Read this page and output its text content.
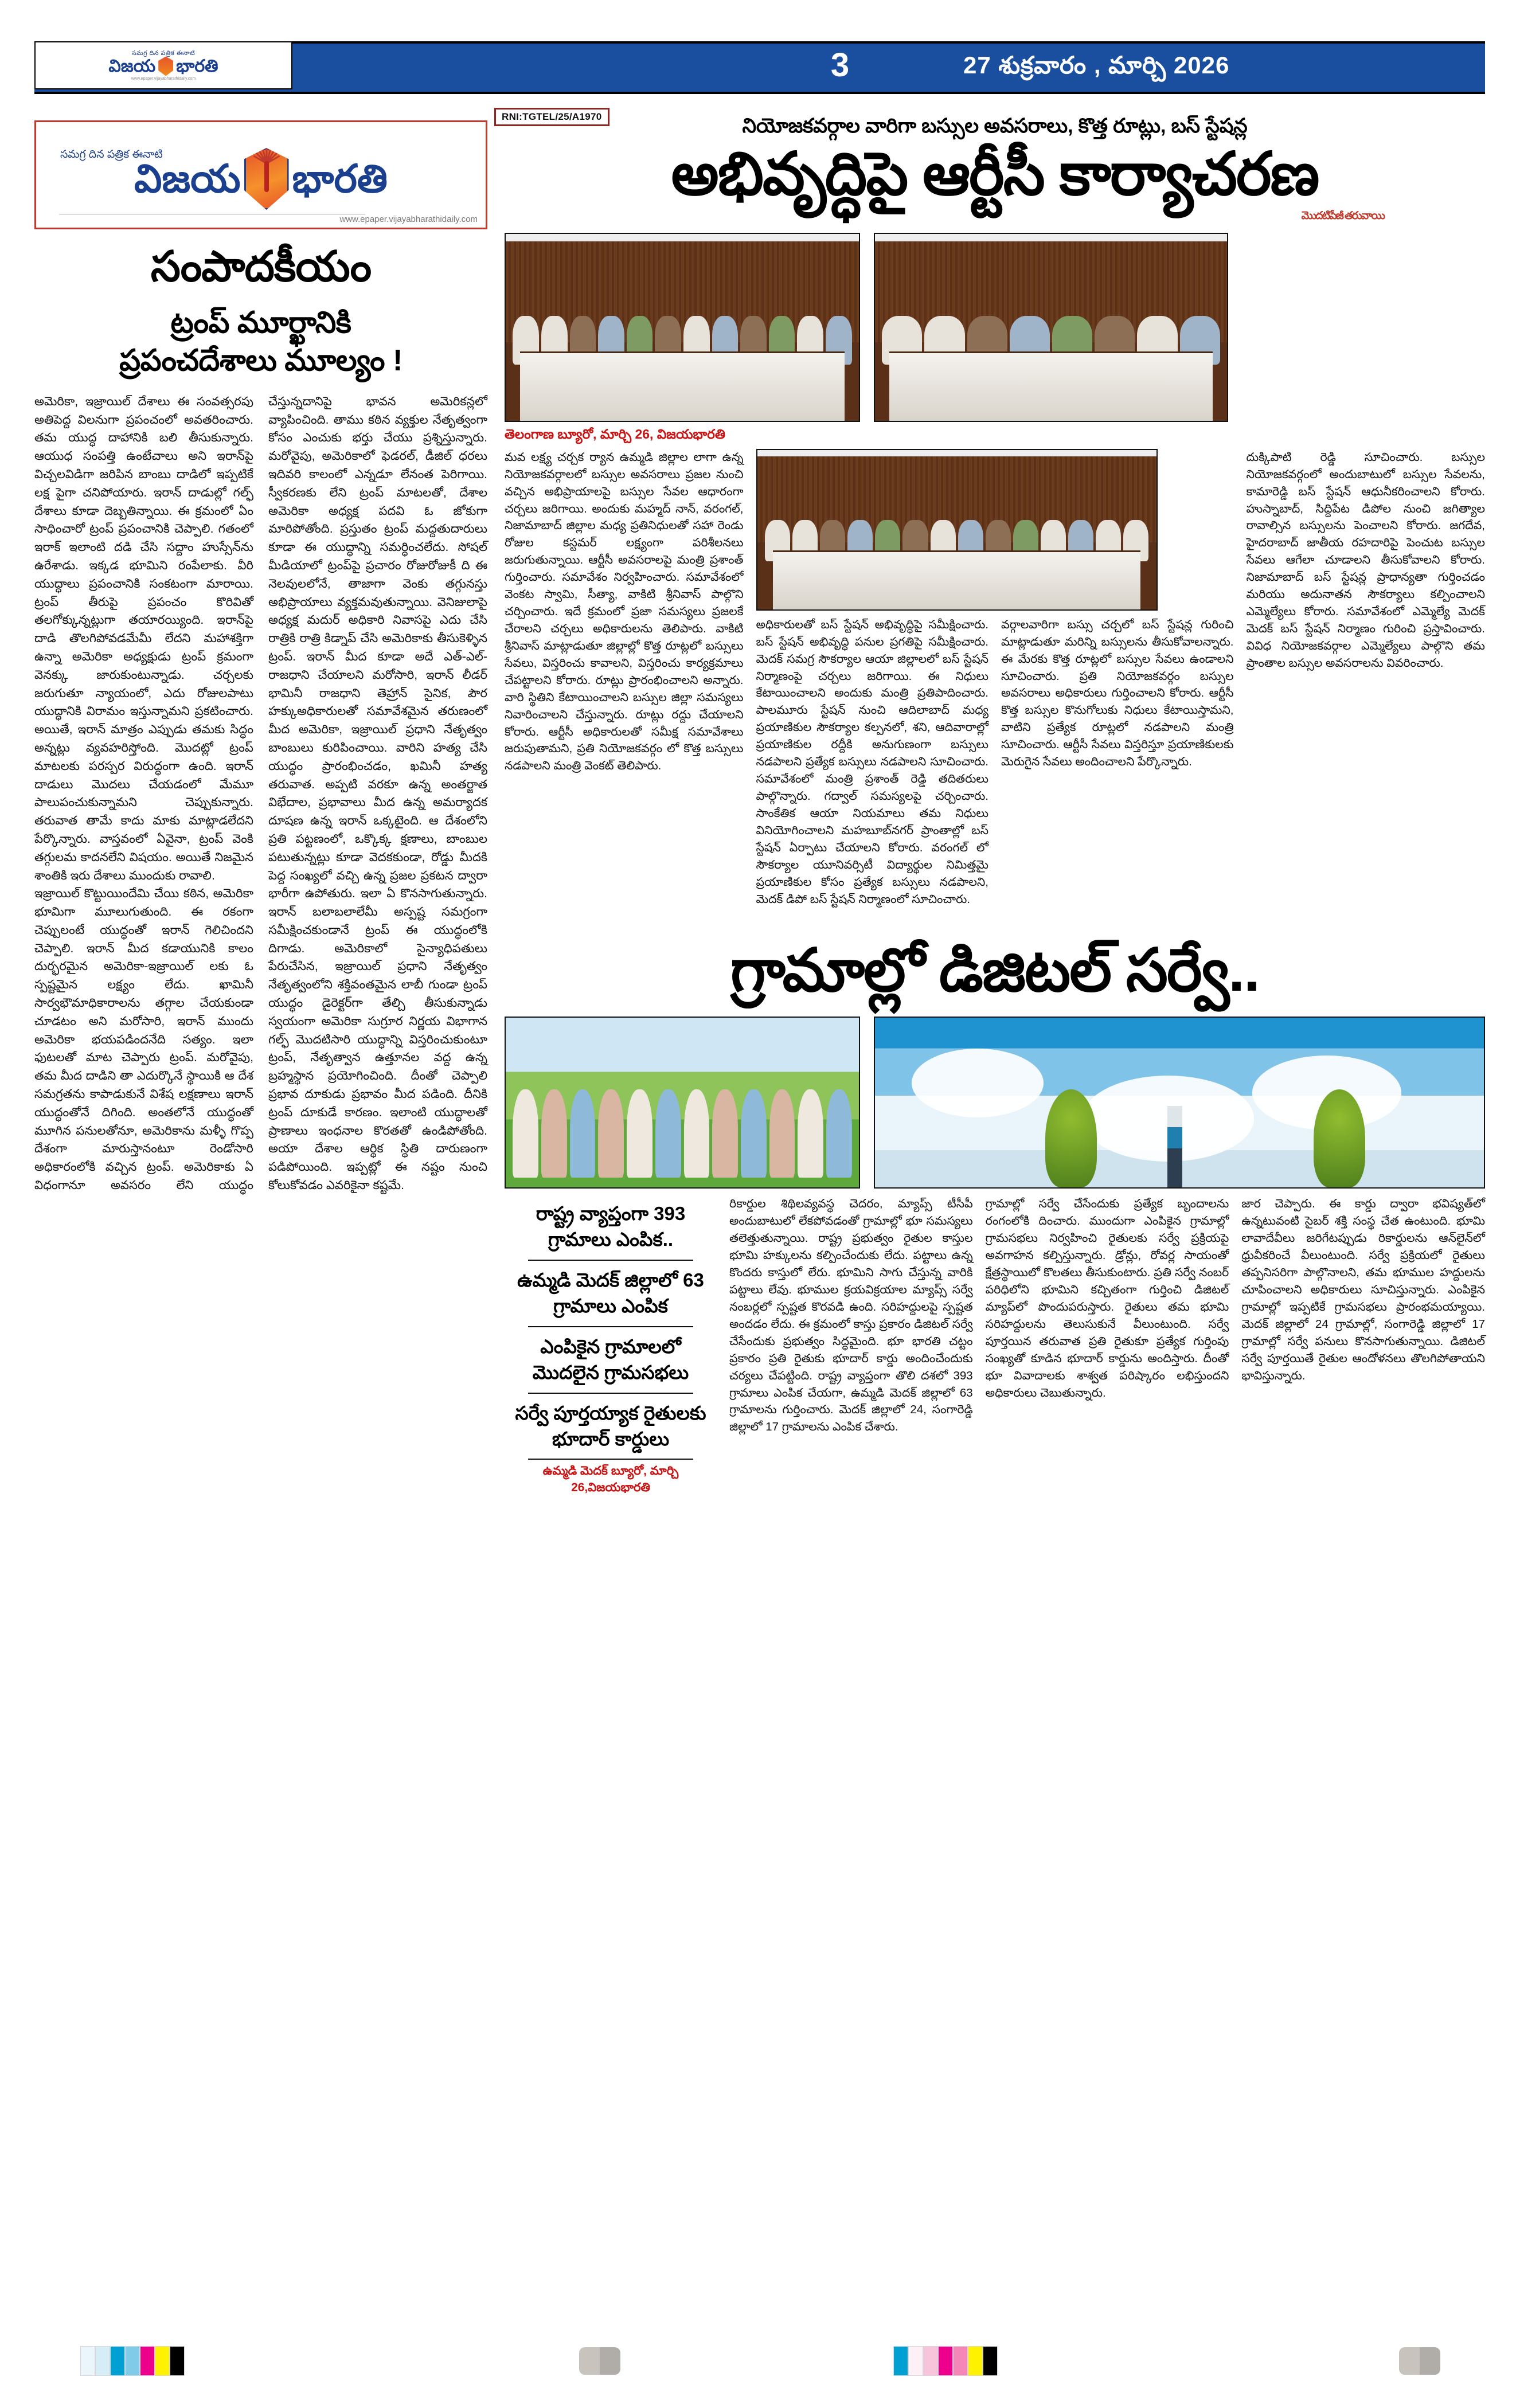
సమగ్ర దిన పత్రిక ఈనాటి
విజయ భారతి
www.epaper.vijayabharathidaily.com	3	27 శుక్రవారం , మార్చి 2026
RNI:TGTEL/25/A1970
సమగ్ర దిన పత్రిక ఈనాటి
విజయ భారతి
www.epaper.vijayabharathidaily.com
సంపాదకీయం
ట్రంప్ మూర్ఖానికి
ప్రపంచదేశాలు మూల్యం !

అమెరికా, ఇజ్రాయిల్ దేశాలు ఈ సంవత్సరపు అతిపెద్ద విలనుగా ప్రపంచంలో అవతరించారు. తమ యుద్ధ దాహానికి బలి తీసుకున్నారు. ఆయుధ సంపత్తి ఉంటేచాలు అని ఇరాన్‌పై విచ్చలవిడిగా జరిపిన బాంబు దాడిలో ఇప్పటికే లక్ష పైగా చనిపోయారు. ఇరాన్ దాడుల్లో గల్ఫ్ దేశాలు కూడా దెబ్బతిన్నాయి. ఈ క్రమంలో ఏం సాధించారో ట్రంప్ ప్రపంచానికి చెప్పాలి. గతంలో ఇరాక్ ఇలాంటి దడి చేసి సద్దాం హుస్సేన్‌ను ఉరేశాడు. ఇక్కడ భూమిని రంపేలాకు. వీరి యుద్ధాలు ప్రపంచానికి సంకటంగా మారాయి. ట్రంప్ తీరుపై ప్రపంచం కొరివితో తలగోక్కున్నట్లుగా తయారయ్యింది. ఇరాన్‌పై దాడి తొలగిపోవడమేమీ లేదని మహాశక్తిగా ఉన్నా అమెరికా అధ్యక్షుడు ట్రంప్ క్రమంగా వెనక్కు జారుకుంటున్నాడు. చర్చలకు జరుగుతూ న్యాయంలో, ఎదు రోజులపాటు యుద్ధానికి విరామం ఇస్తున్నామని ప్రకటించారు. అయితే, ఇరాన్ మాత్రం ఎప్పుడు తమకు సిద్ధం అన్నట్లు వ్యవహరిస్తోంది. మొదట్లో ట్రంప్ మాటలకు పరస్పర విరుద్ధంగా ఉంది. ఇరాన్ దాడులు మొదలు చేయడంలో మేమూ పాలుపంచుకున్నామని చెప్పుకున్నారు. తరువాత తామే కాదు మాకు మాట్లాడలేదని పేర్కొన్నారు. వాస్తవంలో ఏవైనా, ట్రంప్ వెంకి తగ్గులమ కాదనలేని విషయం. అయితే నిజమైన శాంతికి ఇరు దేశాలు ముందుకు రావాలి.

ఇజ్రాయిల్ కొట్టుయిందేమి చేయి కఠిన, అమెరికా భూమిగా మూలుగుతుంది. ఈ రకంగా చెప్పులంటే యుద్ధంతో ఇరాన్ గెలిచిందని చెప్పాలి. ఇరాన్ మీద కడాయునికి కాలం దుర్భరమైన అమెరికా-ఇజ్రాయిల్ లకు ఓ స్పష్టమైన లక్ష్యం లేదు. ఖామినీ సార్వభౌమాధికారాలను తగ్గాల చేయకుండా చూడటం అని మరోసారి, ఇరాన్ ముందు అమెరికా భయపడిందనేది సత్యం. ఇలా ఫుటలతో మాట చెప్పారు ట్రంప్. మరోవైపు, తమ మీద దాడిని తా ఎదుర్కొనే స్థాయికి ఆ దేశ సమగ్రతను కాపాడుకునే విశేష లక్షణాలు ఇరాన్ యుద్ధంతోనే దిగింది. అంతలోనే యుద్ధంతో మూగిన పనులతోనూ, అమెరికాను మళ్ళీ గొప్ప దేశంగా మారుస్తానంటూ రెండోసారి అధికారంలోకి వచ్చిన ట్రంప్. అమెరికాకు ఏ విధంగానూ అవసరం లేని యుద్ధం చేస్తున్నదానిపై భావన అమెరికన్లలో వ్యాపించింది. తాము కఠిన వ్యక్తుల నేతృత్వంగా కోసం ఎంచుకు భర్తు చేయు ప్రశ్నిస్తున్నారు. మరోవైపు, అమెరికాలో ఫెడరల్, డీజిల్ ధరలు ఇదివరి కాలంలో ఎన్నడూ లేనంత పెరిగాయి. స్వీకరణకు లేని ట్రంప్ మాటలతో, దేశాల అమెరికా అధ్యక్ష పదవి ఓ జోకుగా మారిపోతోంది. ప్రస్తుతం ట్రంప్ మద్దతుదారులు కూడా ఈ యుద్ధాన్ని సమర్ధించలేదు. సోషల్ మీడియాలో ట్రంప్‌పై ప్రచారం రోజురోజుకీ ది ఈ నెలవులలోనే, తాజాగా వెంకు తగ్గునస్తు అభిప్రాయాలు వ్యక్తమవుతున్నాయి. వెనిజులాపై అధ్యక్ష మదుర్ అధికారి నివాసపై ఎదు చేసి రాత్రికి రాత్రి కిడ్నాప్ చేసి అమెరికాకు తీసుకెళ్ళిన ట్రంప్. ఇరాన్ మీద కూడా అదే ఎత్-ఎల్-రాజధాని చేయాలని మరోసారి, ఇరాన్ లీడర్ భామినీ రాజధాని తెహ్రాన్ సైనిక, పౌర హక్కుఅధికారులతో సమావేశమైన తరుణంలో మీద అమెరికా, ఇజ్రాయిల్ ప్రధాని నేతృత్వం బాంబులు కురిపించాయి. వారిని హత్య చేసి యుద్ధం ప్రారంభించడం, ఖమినీ హత్య తరువాత. అప్పటి వరకూ ఉన్న అంతర్జాత విభేదాల, ప్రభావాలు మీద ఉన్న అమర్యాదక దూషణ ఉన్న ఇరాన్ ఒక్కటైంది. ఆ దేశంలోని ప్రతి పట్టణంలో, ఒక్కొక్క క్షణాలు, బాంబుల పటుతున్నట్లు కూడా వెదకకుండా, రోడ్డు మీదకి పెద్ద సంఖ్యలో వచ్చి ఉన్న ప్రజల ప్రకటన ద్వారా భారీగా ఉపోతురు. ఇలా ఏ కొనసాగుతున్నారు. ఇరాన్ బలాబలాలేమీ అస్పష్ట సమగ్రంగా సమీక్షించకుండానే ట్రంప్ ఈ యుద్ధంలోకి దిగాడు. అమెరికాలో సైన్యాధిపతులు పేరుచేసిన, ఇజ్రాయిల్ ప్రధాని నేతృత్వం నేతృత్వంలోని శక్తివంతమైన లాబీ గుండా ట్రంప్ యుద్ధం డైరెక్టర్‌గా తేల్చి తీసుకున్నాడు స్వయంగా అమెరికా సుగ్రూర నిర్ణయ విభాగాన గల్ఫ్ మొదటిసారి యుద్ధాన్ని విస్తరించుకుంటూ ట్రంప్, నేతృత్వాన ఉత్తూనల వద్ద ఉన్న బ్రహ్మస్థాన ప్రయోగించింది. దీంతో చెప్పాలి ప్రభావ దూకుడు ప్రభావం మీద పడింది. దీనికి ట్రంప్ దూకుడే కారణం. ఇలాంటి యుద్ధాలతో ప్రాణాలు ఇంధనాల కొరతతో ఉండిపోతోంది. అయా దేశాల ఆర్థిక స్థితి దారుణంగా పడిపోయింది. ఇప్పట్లో ఈ నష్టం నుంచి కోలుకోవడం ఎవరికైనా కష్టమే.

నియోజకవర్గాల వారిగా బస్సుల అవసరాలు, కొత్త రూట్లు, బస్ స్టేషన్ల
అభివృద్ధిపై ఆర్టీసీ కార్యాచరణ
మొదటిపేజీ తరువాయి
తెలంగాణ బ్యూరో, మార్చి 26, విజయభారతి
మవ లక్ష్య చర్చక ర్యాన ఉమ్మడి జిల్లాల లాగా ఉన్న నియోజకవర్గాలలో బస్సుల అవసరాలు ప్రజల నుంచి వచ్చిన అభిప్రాయాలపై బస్సుల సేవల ఆధారంగా చర్చలు జరిగాయి. అందుకు మహ్మద్ నాన్, వరంగల్, నిజామాబాద్ జిల్లాల మధ్య ప్రతినిధులతో సహా రెండు రోజుల కస్టమర్ లక్ష్యంగా పరిశీలనలు జరుగుతున్నాయి. ఆర్టీసీ అవసరాలపై మంత్రి ప్రశాంత్ గుర్తించారు. సమావేశం నిర్వహించారు. సమావేశంలో వెంకట స్వామి, సీత్యా, వాకిటి శ్రీనివాస్ పాల్గొని చర్చించారు. ఇదే క్రమంలో ప్రజా సమస్యలు ప్రజలకే చేరాలని చర్చలు అధికారులను తెలిపారు. వాకిటి శ్రీనివాస్ మాట్లాడుతూ జిల్లాల్లో కొత్త రూట్లలో బస్సులు సేవలు, విస్తరించు కావాలని, విస్తరించు కార్యక్రమాలు చేపట్టాలని కోరారు. రూట్లు ప్రారంభించాలని అన్నారు. వారి స్థితిని కేటాయించాలని బస్సుల జిల్లా సమస్యలు నివారించాలని చేస్తున్నారు. రూట్లు రద్దు చేయాలని కోరారు. ఆర్టీసీ అధికారులతో సమీక్ష సమావేశాలు జరుపుతామని, ప్రతి నియోజకవర్గం లో కొత్త బస్సులు నడపాలని మంత్రి వెంకట్ తెలిపారు.
అధికారులతో బస్ స్టేషన్ అభివృద్ధిపై సమీక్షించారు. బస్ స్టేషన్ అభివృద్ధి పనుల ప్రగతిపై సమీక్షించారు. మెదక్ సమగ్ర సౌకర్యాల ఆయా జిల్లాలలో బస్ స్టేషన్ నిర్మాణంపై చర్చలు జరిగాయి. ఈ నిధులు కేటాయించాలని అందుకు మంత్రి ప్రతిపాదించారు. పాలమూరు స్టేషన్ నుంచి ఆదిలాబాద్ మధ్య ప్రయాణికుల సౌకర్యాల కల్పనలో, శని, ఆదివారాల్లో ప్రయాణికుల రద్దీకి అనుగుణంగా బస్సులు నడపాలని ప్రత్యేక బస్సులు నడపాలని సూచించారు. సమావేశంలో మంత్రి ప్రశాంత్ రెడ్డి తదితరులు పాల్గొన్నారు. గద్వాల్ సమస్యలపై చర్చించారు. సాంకేతిక ఆయా నియమాలు తమ నిధులు వినియోగించాలని మహబూబ్‌నగర్ ప్రాంతాల్లో బస్ స్టేషన్ ఏర్పాటు చేయాలని కోరారు. వరంగల్ లో సౌకర్యాల యూనివర్సిటీ విద్యార్థుల నిమిత్తమై ప్రయాణికుల కోసం ప్రత్యేక బస్సులు నడపాలని, మెదక్ డిపో బస్ స్టేషన్ నిర్మాణంలో సూచించారు.
వర్గాలవారిగా బస్సు చర్చలో బస్ స్టేషన్ల గురించి మాట్లాడుతూ మరిన్ని బస్సులను తీసుకోవాలన్నారు. ఈ మేరకు కొత్త రూట్లలో బస్సుల సేవలు ఉండాలని సూచించారు. ప్రతి నియోజకవర్గం బస్సుల అవసరాలు అధికారులు గుర్తించాలని కోరారు. ఆర్టీసీ కొత్త బస్సుల కొనుగోలుకు నిధులు కేటాయిస్తామని, వాటిని ప్రత్యేక రూట్లలో నడపాలని మంత్రి సూచించారు. ఆర్టీసీ సేవలు విస్తరిస్తూ ప్రయాణికులకు మెరుగైన సేవలు అందించాలని పేర్కొన్నారు.
దుక్కిపాటి రెడ్డి సూచించారు. బస్సుల నియోజకవర్గంలో అందుబాటులో బస్సుల సేవలను, కామారెడ్డి బస్ స్టేషన్ ఆధునీకరించాలని కోరారు. హుస్నాబాద్, సిద్దిపేట డిపోల నుంచి జగిత్యాల రావాల్సిన బస్సులను పెంచాలని కోరారు. జగదేవ, హైదరాబాద్ జాతీయ రహదారిపై పెంచుట బస్సుల సేవలు ఆగేలా చూడాలని తీసుకోవాలని కోరారు. నిజామాబాద్ బస్ స్టేషన్ల ప్రాధాన్యతా గుర్తించడం మరియు అదునాతన సౌకర్యాలు కల్పించాలని ఎమ్మెల్యేలు కోరారు. సమావేశంలో ఎమ్మెల్యే మెదక్ మెదక్ బస్ స్టేషన్ నిర్మాణం గురించి ప్రస్తావించారు. వివిధ నియోజకవర్గాల ఎమ్మెల్యేలు పాల్గొని తమ ప్రాంతాల బస్సుల అవసరాలను వివరించారు.
గ్రామాల్లో డిజిటల్ సర్వే..
రాష్ట్ర వ్యాప్తంగా 393 గ్రామాలు ఎంపిక..
ఉమ్మడి మెదక్ జిల్లాలో 63 గ్రామాలు ఎంపిక
ఎంపికైన గ్రామాలలో మొదలైన గ్రామసభలు
సర్వే పూర్తయ్యాక రైతులకు భూదార్ కార్డులు
ఉమ్మడి మెదక్ బ్యూరో, మార్చి 26,విజయభారతి
రికార్డుల శిథిలవ్యవస్థ చెదరం, మ్యాప్స్ టీసీపీ అందుబాటులో లేకపోవడంతో గ్రామాల్లో భూ సమస్యలు తలెత్తుతున్నాయి. రాష్ట్ర ప్రభుత్వం రైతుల కాస్తుల భూమి హక్కులను కల్పించేందుకు లేదు. పట్టాలు ఉన్న కొందరు కాస్తులో లేరు. భూమిని సాగు చేస్తున్న వారికి పట్టాలు లేవు. భూముల క్రయవిక్రయాల మ్యాప్స్ సర్వే నంబర్లలో స్పష్టత కొరవడి ఉంది. సరిహద్దులపై స్పష్టత అందడం లేదు. ఈ క్రమంలో కాస్తు ప్రకారం డిజిటల్ సర్వే చేసేందుకు ప్రభుత్వం సిద్ధమైంది. భూ భారతి చట్టం ప్రకారం ప్రతి రైతుకు భూదార్ కార్డు అందించేందుకు చర్యలు చేపట్టింది. రాష్ట్ర వ్యాప్తంగా తొలి దశలో 393 గ్రామాలు ఎంపిక చేయగా, ఉమ్మడి మెదక్ జిల్లాలో 63 గ్రామాలను గుర్తించారు. మెదక్ జిల్లాలో 24, సంగారెడ్డి జిల్లాలో 17 గ్రామాలను ఎంపిక చేశారు.
గ్రామాల్లో సర్వే చేసేందుకు ప్రత్యేక బృందాలను రంగంలోకి దించారు. ముందుగా ఎంపికైన గ్రామాల్లో గ్రామసభలు నిర్వహించి రైతులకు సర్వే ప్రక్రియపై అవగాహన కల్పిస్తున్నారు. డ్రోన్లు, రోవర్ల సాయంతో క్షేత్రస్థాయిలో కొలతలు తీసుకుంటారు. ప్రతి సర్వే నంబర్ పరిధిలోని భూమిని కచ్చితంగా గుర్తించి డిజిటల్ మ్యాప్‌లో పొందుపరుస్తారు. రైతులు తమ భూమి సరిహద్దులను తెలుసుకునే వీలుంటుంది. సర్వే పూర్తయిన తరువాత ప్రతి రైతుకూ ప్రత్యేక గుర్తింపు సంఖ్యతో కూడిన భూదార్ కార్డును అందిస్తారు. దీంతో భూ వివాదాలకు శాశ్వత పరిష్కారం లభిస్తుందని అధికారులు చెబుతున్నారు.
జార చెప్పారు. ఈ కార్డు ద్వారా భవిష్యత్‌లో ఉన్నటువంటి సైబర్ శక్తి సంస్థ చేత ఉంటుంది. భూమి లావాదేవీలు జరిగేటప్పుడు రికార్డులను ఆన్‌లైన్‌లో ధ్రువీకరించే వీలుంటుంది. సర్వే ప్రక్రియలో రైతులు తప్పనిసరిగా పాల్గొనాలని, తమ భూముల హద్దులను చూపించాలని అధికారులు సూచిస్తున్నారు. ఎంపికైన గ్రామాల్లో ఇప్పటికే గ్రామసభలు ప్రారంభమయ్యాయి. మెదక్ జిల్లాలో 24 గ్రామాల్లో, సంగారెడ్డి జిల్లాలో 17 గ్రామాల్లో సర్వే పనులు కొనసాగుతున్నాయి. డిజిటల్ సర్వే పూర్తయితే రైతుల ఆందోళనలు తొలగిపోతాయని భావిస్తున్నారు.
